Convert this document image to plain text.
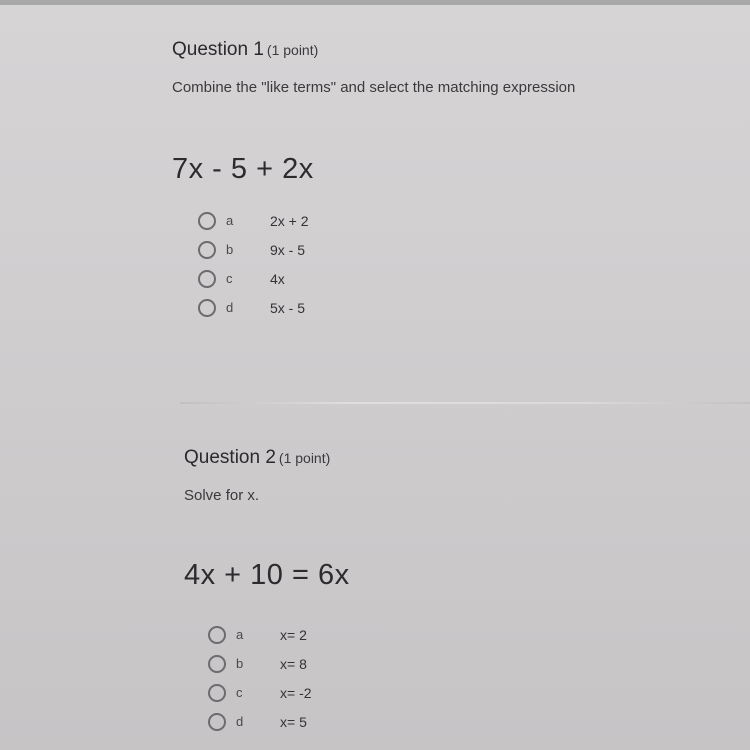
Question 1 (1 point)
Combine the "like terms" and select the matching expression
7x - 5 + 2x
a	2x + 2
b	9x - 5
c	4x
d	5x - 5
Question 2 (1 point)
Solve for x.
4x + 10 = 6x
a	x= 2
b	x= 8
c	x= -2
d	x= 5
